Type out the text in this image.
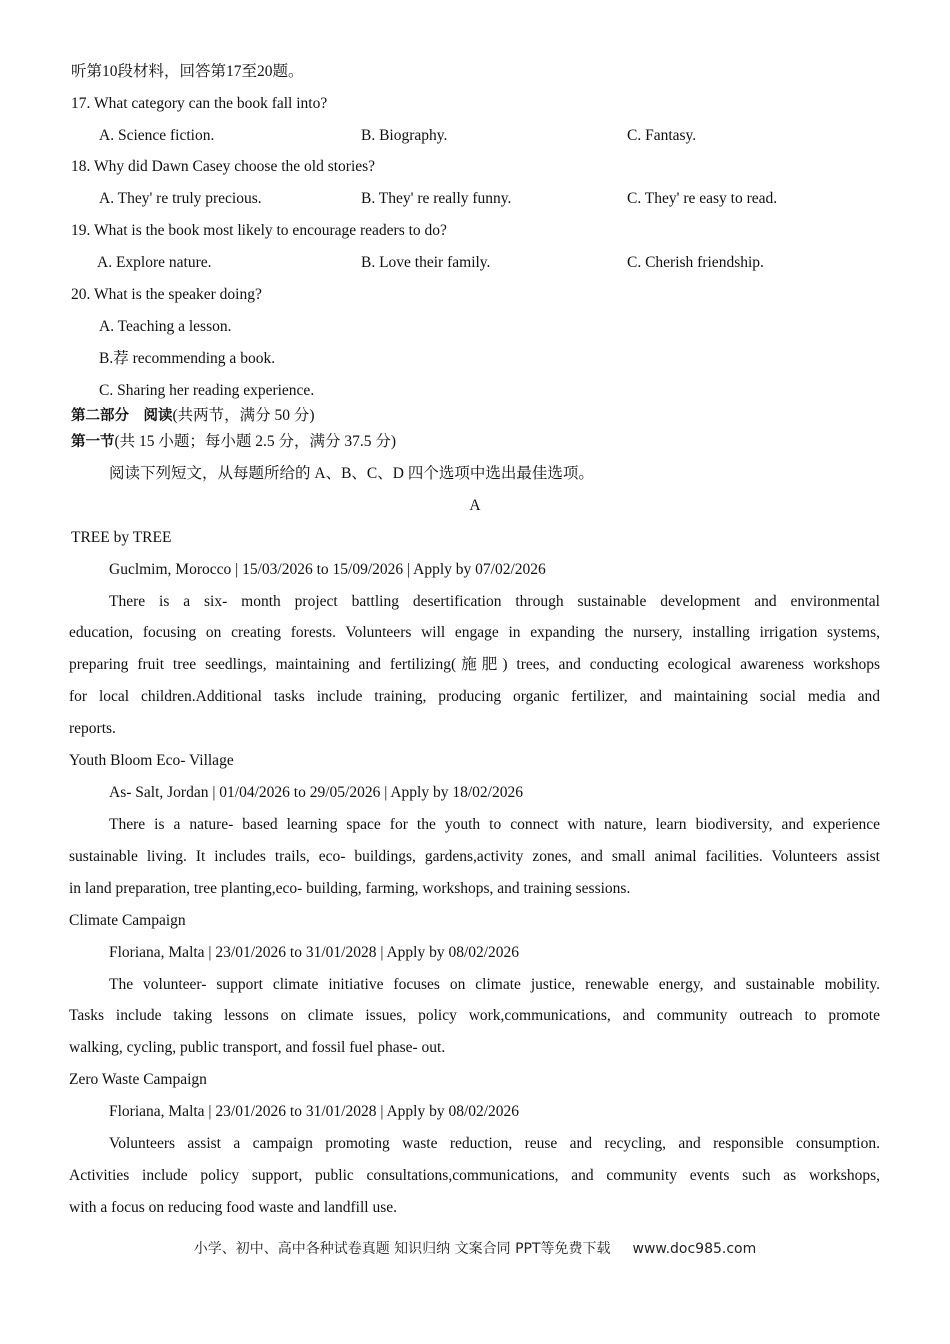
听第10段材料，回答第17至20题。
17. What category can the book fall into?
A. Science fiction.	B. Biography.	C. Fantasy.
18. Why did Dawn Casey choose the old stories?
A. They' re truly precious.	B. They' re really funny.	C. They' re easy to read.
19. What is the book most likely to encourage readers to do?
A. Explore nature.	B. Love their family.	C. Cherish friendship.
20. What is the speaker doing?
A. Teaching a lesson.
B.荐 recommending a book.
C. Sharing her reading experience.
第二部分　阅读(共两节，满分 50 分)
第一节(共 15 小题；每小题 2.5 分，满分 37.5 分)
阅读下列短文，从每题所给的 A、B、C、D 四个选项中选出最佳选项。
A
TREE by TREE
Guclmim, Morocco | 15/03/2026 to 15/09/2026 | Apply by 07/02/2026
There is a six- month project battling desertification through sustainable development and environmental
education, focusing on creating forests. Volunteers will engage in expanding the nursery, installing irrigation systems,
preparing fruit tree seedlings, maintaining and fertilizing(施肥) trees, and conducting ecological awareness workshops
for local children.Additional tasks include training, producing organic fertilizer, and maintaining social media and
reports.
Youth Bloom Eco- Village
As- Salt, Jordan | 01/04/2026 to 29/05/2026 | Apply by 18/02/2026
There is a nature- based learning space for the youth to connect with nature, learn biodiversity, and experience
sustainable living. It includes trails, eco- buildings, gardens,activity zones, and small animal facilities. Volunteers assist
in land preparation, tree planting,eco- building, farming, workshops, and training sessions.
Climate Campaign
Floriana, Malta | 23/01/2026 to 31/01/2028 | Apply by 08/02/2026
The volunteer- support climate initiative focuses on climate justice, renewable energy, and sustainable mobility.
Tasks include taking lessons on climate issues, policy work,communications, and community outreach to promote
walking, cycling, public transport, and fossil fuel phase- out.
Zero Waste Campaign
Floriana, Malta | 23/01/2026 to 31/01/2028 | Apply by 08/02/2026
Volunteers assist a campaign promoting waste reduction, reuse and recycling, and responsible consumption.
Activities include policy support, public consultations,communications, and community events such as workshops,
with a focus on reducing food waste and landfill use.
小学、初中、高中各种试卷真题 知识归纳 文案合同 PPT等免费下载 www.doc985.com
